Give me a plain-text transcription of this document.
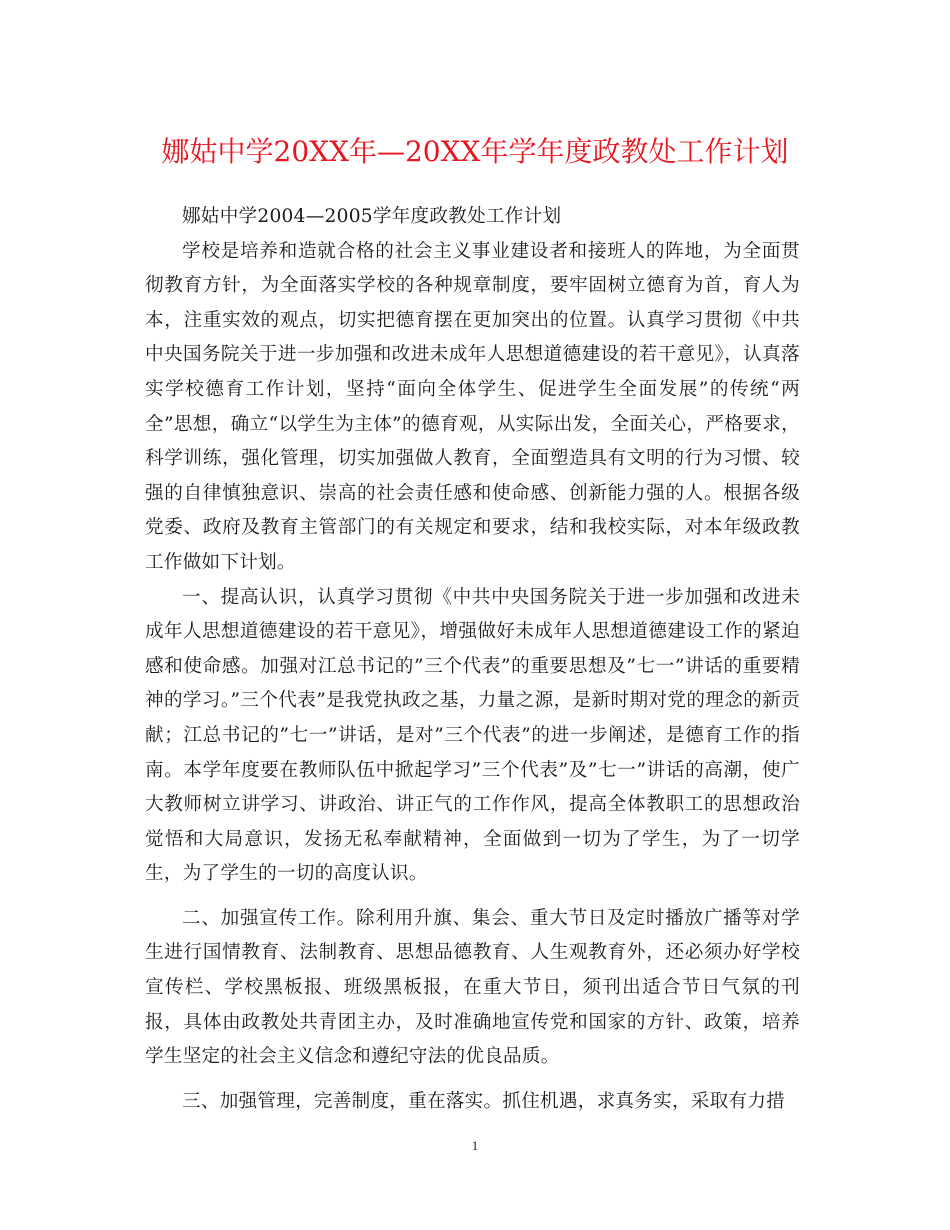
娜姑中学20XX年—20XX年学年度政教处工作计划

娜姑中学2004—2005学年度政教处工作计划

学校是培养和造就合格的社会主义事业建设者和接班人的阵地，为全面贯彻教育方针，为全面落实学校的各种规章制度，要牢固树立德育为首，育人为本，注重实效的观点，切实把德育摆在更加突出的位置。认真学习贯彻《中共中央国务院关于进一步加强和改进未成年人思想道德建设的若干意见》，认真落实学校德育工作计划，坚持“面向全体学生、促进学生全面发展”的传统“两全”思想，确立“以学生为主体”的德育观，从实际出发，全面关心，严格要求，科学训练，强化管理，切实加强做人教育，全面塑造具有文明的行为习惯、较强的自律慎独意识、崇高的社会责任感和使命感、创新能力强的人。根据各级党委、政府及教育主管部门的有关规定和要求，结和我校实际，对本年级政教工作做如下计划。

一、提高认识，认真学习贯彻《中共中央国务院关于进一步加强和改进未成年人思想道德建设的若干意见》，增强做好未成年人思想道德建设工作的紧迫感和使命感。加强对江总书记的”三个代表”的重要思想及”七一”讲话的重要精神的学习。”三个代表”是我党执政之基，力量之源，是新时期对党的理念的新贡献；江总书记的”七一”讲话，是对”三个代表”的进一步阐述，是德育工作的指南。本学年度要在教师队伍中掀起学习”三个代表”及”七一”讲话的高潮，使广大教师树立讲学习、讲政治、讲正气的工作作风，提高全体教职工的思想政治觉悟和大局意识，发扬无私奉献精神，全面做到一切为了学生，为了一切学生，为了学生的一切的高度认识。

二、加强宣传工作。除利用升旗、集会、重大节日及定时播放广播等对学生进行国情教育、法制教育、思想品德教育、人生观教育外，还必须办好学校宣传栏、学校黑板报、班级黑板报，在重大节日，须刊出适合节日气氛的刊报，具体由政教处共青团主办，及时准确地宣传党和国家的方针、政策，培养学生坚定的社会主义信念和遵纪守法的优良品质。

三、加强管理，完善制度，重在落实。抓住机遇，求真务实，采取有力措

1
